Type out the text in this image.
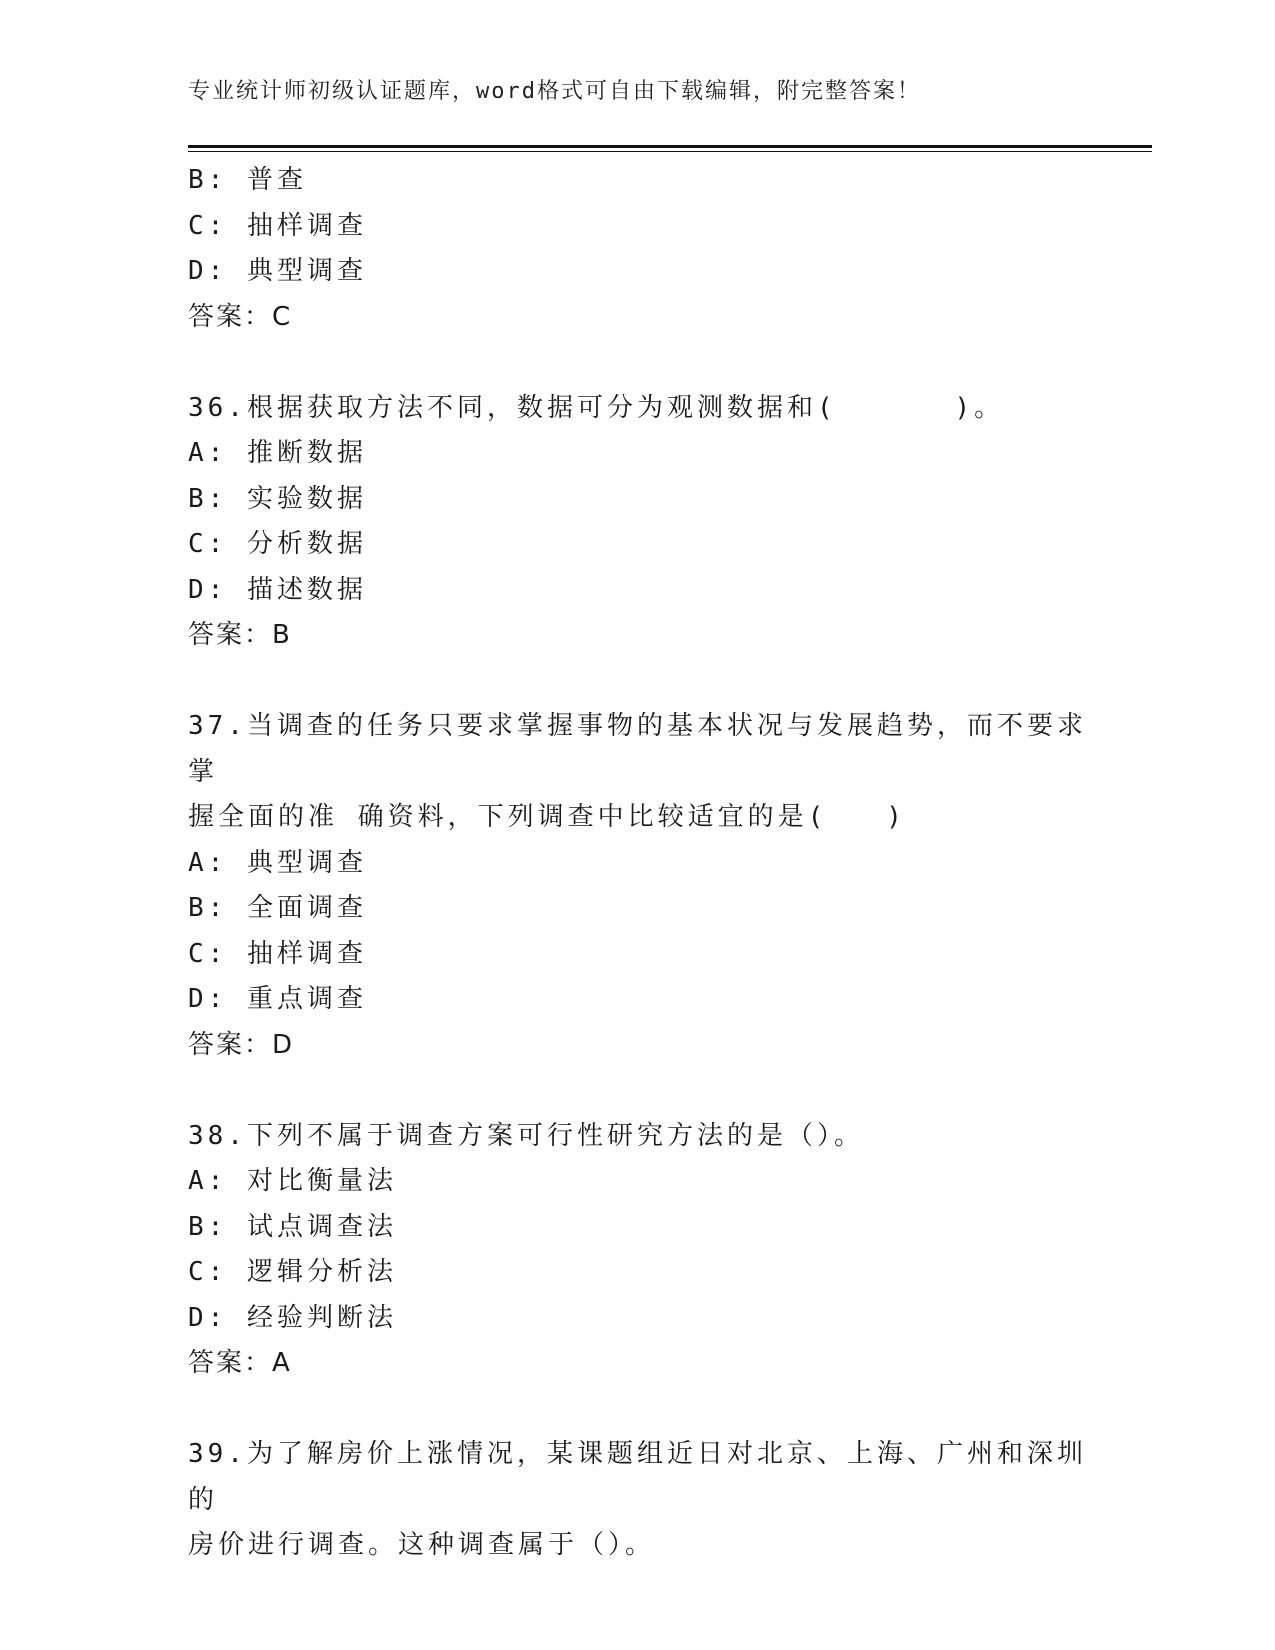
专业统计师初级认证题库，word格式可自由下载编辑，附完整答案！
B: 普查
C: 抽样调查
D: 典型调查
答案：C
36.根据获取方法不同，数据可分为观测数据和(      )。
A: 推断数据
B: 实验数据
C: 分析数据
D: 描述数据
答案：B
37.当调查的任务只要求掌握事物的基本状况与发展趋势，而不要求掌
握全面的准 确资料，下列调查中比较适宜的是(   )
A: 典型调查
B: 全面调查
C: 抽样调查
D: 重点调查
答案：D
38.下列不属于调查方案可行性研究方法的是（）。
A: 对比衡量法
B: 试点调查法
C: 逻辑分析法
D: 经验判断法
答案：A
39.为了解房价上涨情况，某课题组近日对北京、上海、广州和深圳的
房价进行调查。这种调查属于（）。
